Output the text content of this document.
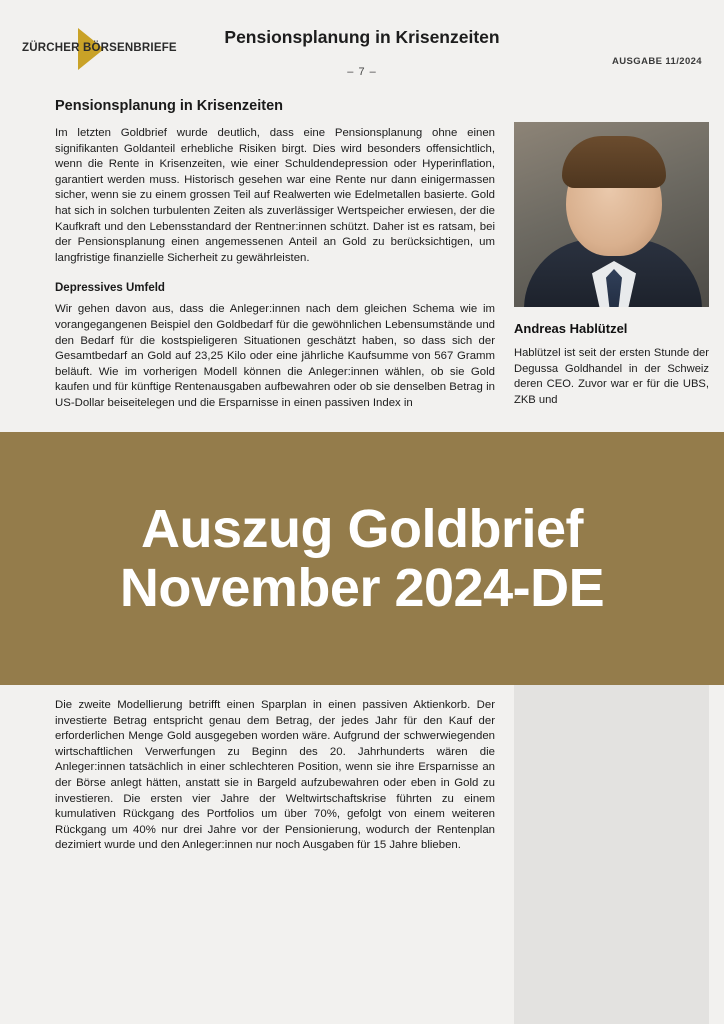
ZÜRCHER BÖRSENBRIEFE
Pensionsplanung in Krisenzeiten
AUSGABE 11/2024
– 7 –
Pensionsplanung in Krisenzeiten

Im letzten Goldbrief wurde deutlich, dass eine Pensionsplanung ohne einen signifikanten Goldanteil erhebliche Risiken birgt. Dies wird besonders offensichtlich, wenn die Rente in Krisenzeiten, wie einer Schuldendepression oder Hyperinflation, garantiert werden muss. Historisch gesehen war eine Rente nur dann einigermassen sicher, wenn sie zu einem grossen Teil auf Realwerten wie Edelmetallen basierte. Gold hat sich in solchen turbulenten Zeiten als zuverlässiger Wertspeicher erwiesen, der die Kaufkraft und den Lebensstandard der Rentner:innen schützt. Daher ist es ratsam, bei der Pensionsplanung einen angemessenen Anteil an Gold zu berücksichtigen, um langfristige finanzielle Sicherheit zu gewährleisten.

Depressives Umfeld

Wir gehen davon aus, dass die Anleger:innen nach dem gleichen Schema wie im vorangegangenen Beispiel den Goldbedarf für die gewöhnlichen Lebensumstände und den Bedarf für die kostspieligeren Situationen geschätzt haben, so dass sich der Gesamtbedarf an Gold auf 23,25 Kilo oder eine jährliche Kaufsumme von 567 Gramm beläuft. Wie im vorherigen Modell können die Anleger:innen wählen, ob sie Gold kaufen und für künftige Rentenausgaben aufbewahren oder ob sie denselben Betrag in US-Dollar beiseitelegen und die Ersparnisse in einen passiven Index in

Andreas Hablützel

Hablützel ist seit der ersten Stunde der Degussa Goldhandel in der Schweiz deren CEO. Zuvor war er für die UBS, ZKB und

Die zweite Modellierung betrifft einen Sparplan in einen passiven Aktienkorb. Der investierte Betrag entspricht genau dem Betrag, der jedes Jahr für den Kauf der erforderlichen Menge Gold ausgegeben worden wäre. Aufgrund der schwerwiegenden wirtschaftlichen Verwerfungen zu Beginn des 20. Jahrhunderts wären die Anleger:innen tatsächlich in einer schlechteren Position, wenn sie ihre Ersparnisse an der Börse anlegt hätten, anstatt sie in Bargeld aufzubewahren oder eben in Gold zu investieren. Die ersten vier Jahre der Weltwirtschaftskrise führten zu einem kumulativen Rückgang des Portfolios um über 70%, gefolgt von einem weiteren Rückgang um 40% nur drei Jahre vor der Pensionierung, wodurch der Rentenplan dezimiert wurde und den Anleger:innen nur noch Ausgaben für 15 Jahre blieben.

Auszug Goldbrief
November 2024-DE
